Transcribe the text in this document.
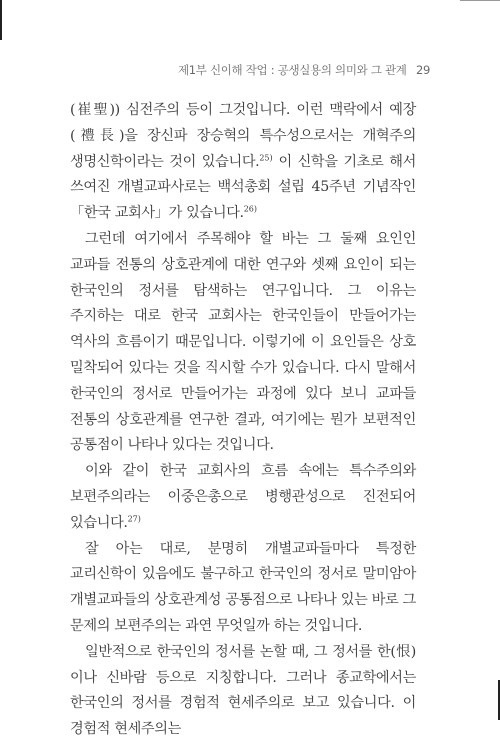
제1부 신이해 작업 : 공생실용의 의미와 그 관계 29

(崔聖)) 심전주의 등이 그것입니다. 이런 맥락에서 예장(禮長)을 장신파 장승혁의 특수성으로서는 개혁주의 생명신학이라는 것이 있습니다.$^{25)}$ 이 신학을 기초로 해서 쓰여진 개별교파사로는 백석총회 설립 45주년 기념작인 「한국 교회사」가 있습니다.$^{26)}$

그런데 여기에서 주목해야 할 바는 그 둘째 요인인 교파들 전통의 상호관계에 대한 연구와 셋째 요인이 되는 한국인의 정서를 탐색하는 연구입니다. 그 이유는 주지하는 대로 한국 교회사는 한국인들이 만들어가는 역사의 흐름이기 때문입니다. 이렇기에 이 요인들은 상호 밀착되어 있다는 것을 직시할 수가 있습니다. 다시 말해서 한국인의 정서로 만들어가는 과정에 있다 보니 교파들 전통의 상호관계를 연구한 결과, 여기에는 뭔가 보편적인 공통점이 나타나 있다는 것입니다.

이와 같이 한국 교회사의 흐름 속에는 특수주의와 보편주의라는 이중은총으로 병행관성으로 진전되어 있습니다.$^{27)}$

잘 아는 대로, 분명히 개별교파들마다 특정한 교리신학이 있음에도 불구하고 한국인의 정서로 말미암아 개별교파들의 상호관계성 공통점으로 나타나 있는 바로 그 문제의 보편주의는 과연 무엇일까 하는 것입니다.

일반적으로 한국인의 정서를 논할 때, 그 정서를 한(恨)이나 신바람 등으로 지칭합니다. 그러나 종교학에서는 한국인의 정서를 경험적 현세주의로 보고 있습니다. 이 경험적 현세주의는
